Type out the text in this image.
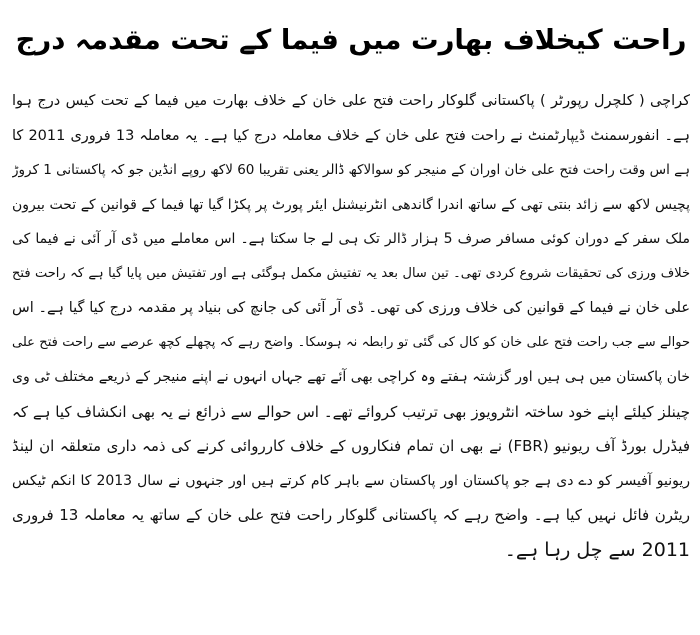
راحت کیخلاف بھارت میں فیما کے تحت مقدمہ درج
کراچی ( کلچرل رپورٹر ) پاکستانی گلوکار راحت فتح علی خان کے خلاف بھارت میں فیما کے تحت کیس درج ہوا
ہے۔ انفورسمنٹ ڈیپارٹمنٹ نے راحت فتح علی خان کے خلاف معاملہ درج کیا ہے۔ یہ معاملہ 13 فروری 2011 کا
ہے اس وقت راحت فتح علی خان اوران کے منیجر کو سوالاکھ ڈالر یعنی تقریبا 60 لاکھ روپے انڈین جو کہ پاکستانی 1 کروڑ
پچیس لاکھ سے زائد بنتی تھی کے ساتھ اندرا گاندھی انٹرنیشنل ایئر پورٹ پر پکڑا گیا تھا فیما کے قوانین کے تحت بیرون
ملک سفر کے دوران کوئی مسافر صرف 5 ہزار ڈالر تک ہی لے جا سکتا ہے۔ اس معاملے میں ڈی آر آئی نے فیما کی
خلاف ورزی کی تحقیقات شروع کردی تھی۔ تین سال بعد یہ تفتیش مکمل ہوگئی ہے اور تفتیش میں پایا گیا ہے کہ راحت فتح
علی خان نے فیما کے قوانین کی خلاف ورزی کی تھی۔ ڈی آر آئی کی جانچ کی بنیاد پر مقدمہ درج کیا گیا ہے۔ اس
حوالے سے جب راحت فتح علی خان کو کال کی گئی تو رابطہ نہ ہوسکا۔ واضح رہے کہ پچھلے کچھ عرصے سے راحت فتح علی
خان پاکستان میں ہی ہیں اور گزشتہ ہفتے وہ کراچی بھی آئے تھے جہاں انہوں نے اپنے منیجر کے ذریعے مختلف ٹی وی
چینلز کیلئے اپنے خود ساختہ انٹرویوز بھی ترتیب کروائے تھے۔ اس حوالے سے ذرائع نے یہ بھی انکشاف کیا ہے کہ
فیڈرل بورڈ آف ریونیو (FBR) نے بھی ان تمام فنکاروں کے خلاف کارروائی کرنے کی ذمہ داری متعلقہ ان لینڈ
ریونیو آفیسر کو دے دی ہے جو پاکستان اور پاکستان سے باہر کام کرتے ہیں اور جنہوں نے سال 2013 کا انکم ٹیکس
ریٹرن فائل نہیں کیا ہے۔ واضح رہے کہ پاکستانی گلوکار راحت فتح علی خان کے ساتھ یہ معاملہ 13 فروری
2011 سے چل رہا ہے۔
